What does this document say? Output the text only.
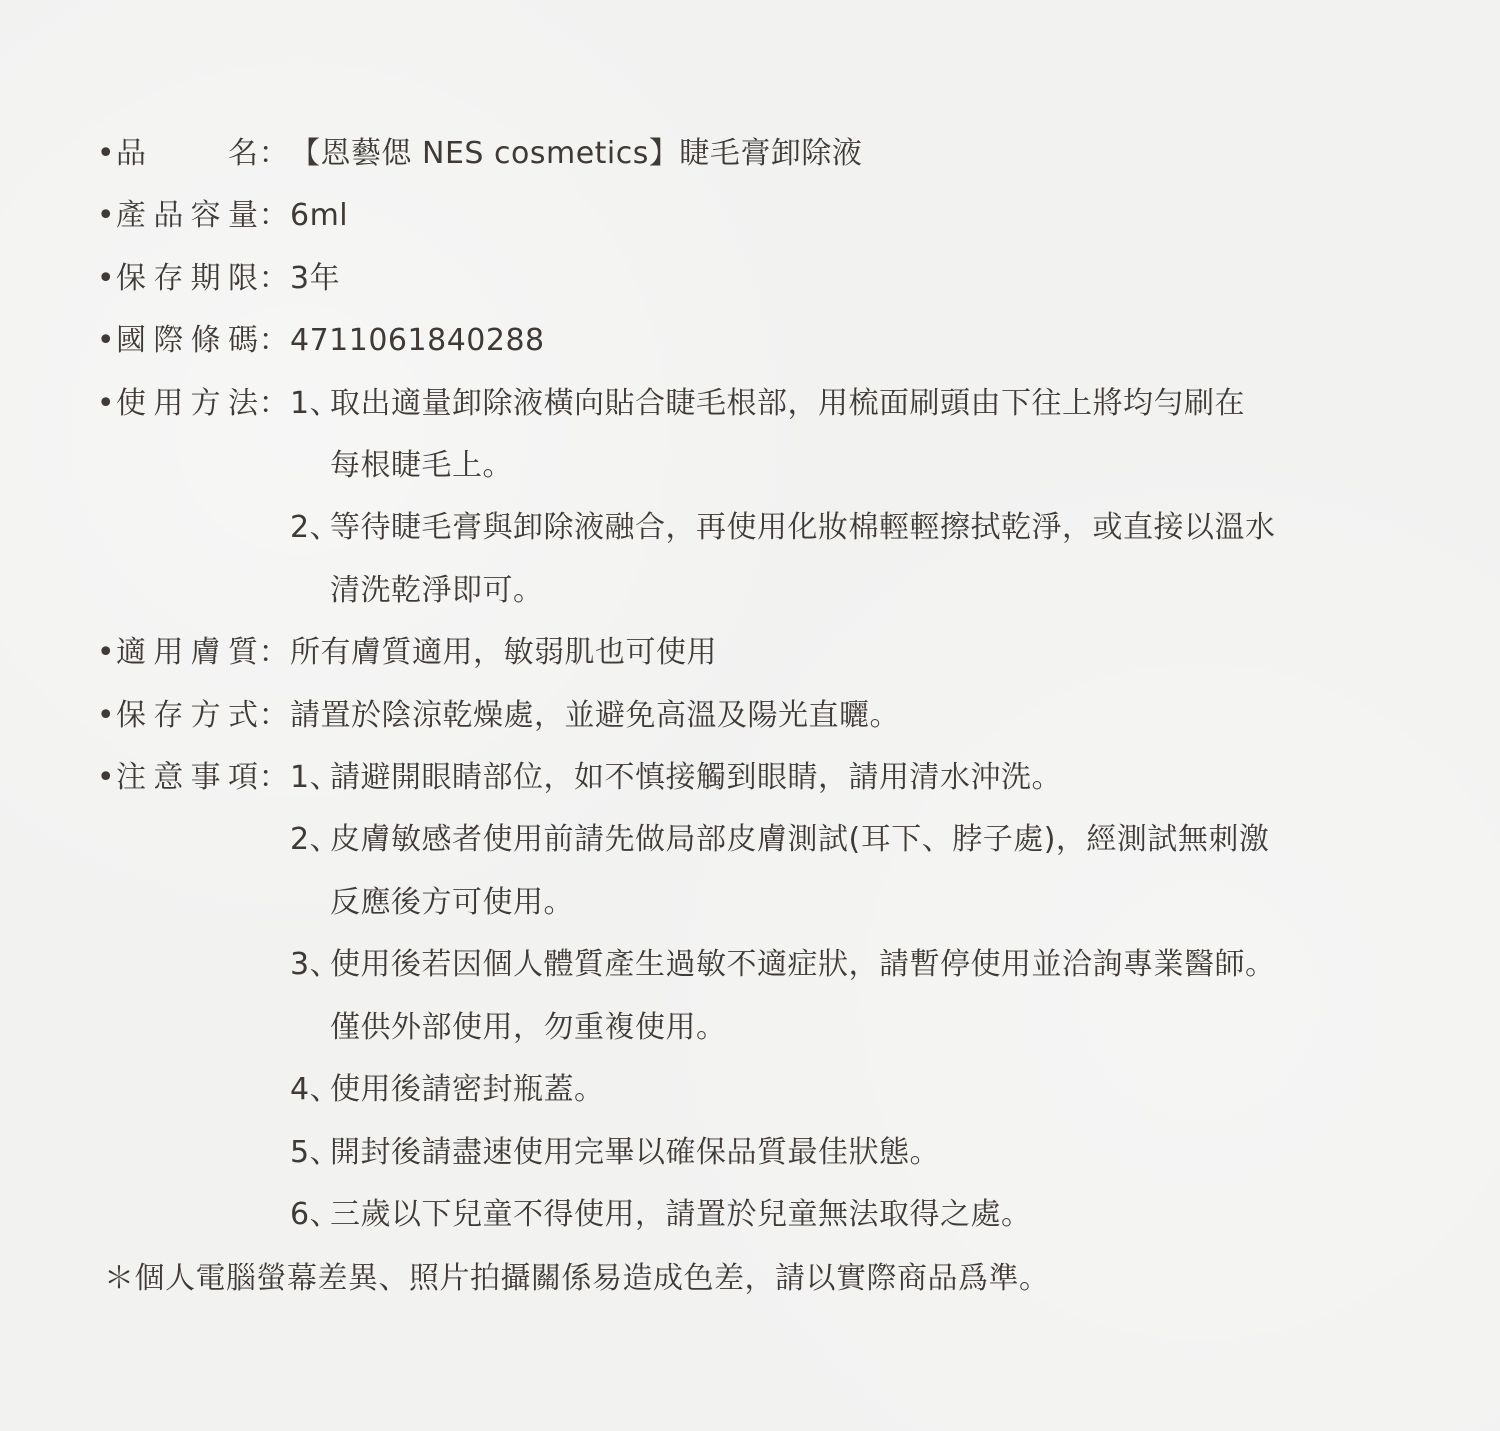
• 品　　名 ： 【恩藝偲 NES cosmetics】睫毛膏卸除液
• 產品容量 ： 6ml
• 保存期限 ： 3年
• 國際條碼 ： 4711061840288
• 使用方法 ： 1、
取出適量卸除液橫向貼合睫毛根部，用梳面刷頭由下往上將均勻刷在
每根睫毛上。
2、
等待睫毛膏與卸除液融合，再使用化妝棉輕輕擦拭乾淨，或直接以溫水
清洗乾淨即可。
• 適用膚質 ： 所有膚質適用，敏弱肌也可使用
• 保存方式 ： 請置於陰涼乾燥處，並避免高溫及陽光直曬。
• 注意事項 ： 1、
請避開眼睛部位，如不慎接觸到眼睛，請用清水沖洗。
2、
皮膚敏感者使用前請先做局部皮膚測試(耳下、脖子處)，經測試無刺激
反應後方可使用。
3、
使用後若因個人體質產生過敏不適症狀，請暫停使用並洽詢專業醫師。
僅供外部使用，勿重複使用。
4、
使用後請密封瓶蓋。
5、
開封後請盡速使用完畢以確保品質最佳狀態。
6、
三歲以下兒童不得使用，請置於兒童無法取得之處。
＊個人電腦螢幕差異、照片拍攝關係易造成色差，請以實際商品爲準。
